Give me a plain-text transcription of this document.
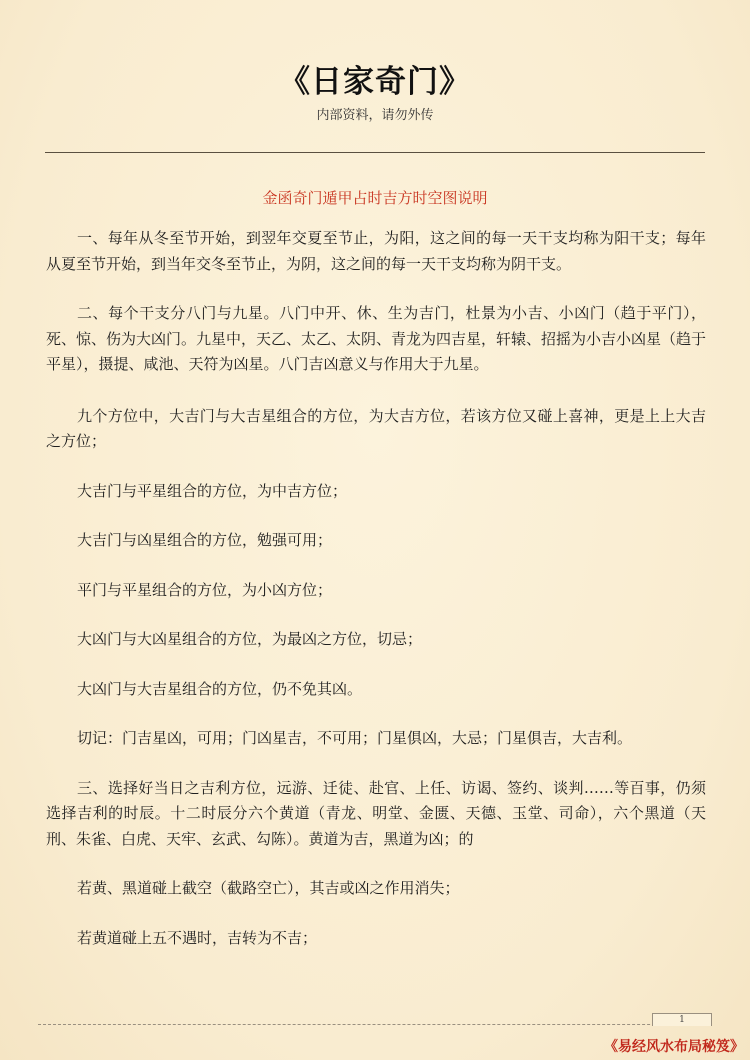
《日家奇门》
内部资料，请勿外传
金函奇门遁甲占时吉方时空图说明

一、每年从冬至节开始，到翌年交夏至节止，为阳，这之间的每一天干支均称为阳干支；每年从夏至节开始，到当年交冬至节止，为阴，这之间的每一天干支均称为阴干支。

二、每个干支分八门与九星。八门中开、休、生为吉门，杜景为小吉、小凶门（趋于平门），死、惊、伤为大凶门。九星中，天乙、太乙、太阴、青龙为四吉星，轩辕、招摇为小吉小凶星（趋于平星），摄提、咸池、天符为凶星。八门吉凶意义与作用大于九星。

九个方位中，大吉门与大吉星组合的方位，为大吉方位，若该方位又碰上喜神，更是上上大吉之方位；

大吉门与平星组合的方位，为中吉方位；

大吉门与凶星组合的方位，勉强可用；

平门与平星组合的方位，为小凶方位；

大凶门与大凶星组合的方位，为最凶之方位，切忌；

大凶门与大吉星组合的方位，仍不免其凶。

切记：门吉星凶，可用；门凶星吉，不可用；门星俱凶，大忌；门星俱吉，大吉利。

三、选择好当日之吉利方位，远游、迁徒、赴官、上任、访谒、签约、谈判……等百事，仍须选择吉利的时辰。十二时辰分六个黄道（青龙、明堂、金匮、天德、玉堂、司命），六个黑道（天刑、朱雀、白虎、天牢、玄武、勾陈）。黄道为吉，黑道为凶；的

若黄、黑道碰上截空（截路空亡），其吉或凶之作用消失；

若黄道碰上五不遇时，吉转为不吉；

1
《易经风水布局秘笈》
